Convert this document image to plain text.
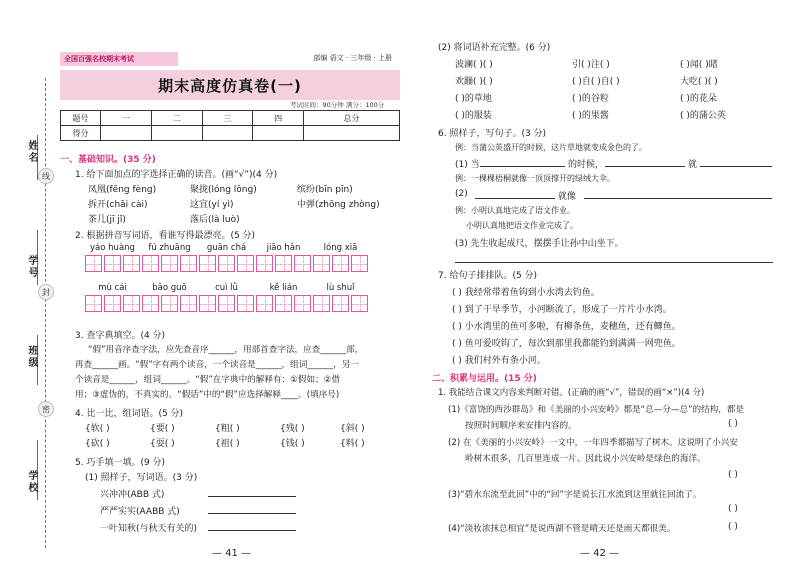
姓名
线
学号
封
班级
密
学校
全国百强名校期末考试	部编 语文 · 三年级 · 上册
期末高度仿真卷(一)
考试时间：90分钟 满分：100分
题号	一	二	三	四	总分
得分					
一、基础知识。(35 分)
1. 给下面加点的字选择正确的读音。(画“√”)(4 分)
凤凰(fēng fèng)	聚拢(lóng lǒng)	缤纷(bīn pīn)
拆开(chāi cài)	这宜(yí yì)	中弹(zhōng zhòng)
茶几(jī jǐ)	落后(là luò)
2. 根据拼音写词语，看谁写得最漂亮。(5 分)
yáo huàng	fú zhuāng	guān chá	jiāo hǎn	lóng xiā
mù cái	bāo guǒ	cuì lǜ	kě lián	lù shuǐ
3. 查字典填空。(4 分)
“假”用音序查字法，应先查音序______，用部首查字法，应查______部，
再查______画。“假”字有两个读音，一个读音是______，组词______，另一
个读音是______，组词______。“假”在字典中的解释有：①假如；②借
用；③虚伪的，不真实的。“假话”中的“假”应选择解释____。(填序号)
4. 比一比，组词语。(5 分)
{软( )	{要( )	{粗( )	{残( )	{斜( )
{砍( )	{耍( )	{祖( )	{钱( )	{料( )
5. 巧手填一填。(9 分)
(1) 照样子，写词语。(3 分)
兴冲冲(ABB 式)
严严实实(AABB 式)
一叶知秋(与秋天有关的)
— 41 —
(2) 将词语补充完整。(6 分)
波澜( )( )	引( )注( )	( )闻( )睹
欢蹦( )( )	( )自( )自( )	大吃( )( )
( )的草地	( )的谷粒	( )的花朵
( )的服装	( )的果酱	( )的蒲公英
6. 照样子，写句子。(3 分)
例：当蒲公英盛开的时候，这片草地就变成金色的了。
(1) 当	的时候，	就
例：一棵棵梧桐就像一顶顶撑开的绿绒大伞。
(2)	就像
例：小明认真地完成了语文作业。
小明认真地把语文作业完成了。
(3) 先生收起成尺，摆摆手让孙中山坐下。
7. 给句子排排队。(5 分)
( ) 我经常带着鱼钩到小水湾去钓鱼。
( ) 到了干旱季节，小河断流了，形成了一片片小水湾。
( ) 小水湾里的鱼可多啦，有柳条鱼，麦穗鱼，还有鲫鱼。
( ) 鱼可爱咬钩了，每次到那里我都能钓到满满一网兜鱼。
( ) 我们村外有条小河。
二、积累与运用。(15 分)
1. 我能结合课文内容来判断对错。(正确的画“√”，错误的画“×”)(4 分)
(1)《富饶的西沙群岛》和《美丽的小兴安岭》都是“总—分—总”的结构，都是
按照时间顺序来安排内容的。	( )
(2) 在《美丽的小兴安岭》一文中，一年四季都描写了树木。这说明了小兴安
岭树木很多，几百里连成一片。因此说小兴安岭是绿色的海洋。
( )
(3)“碧水东流至此回”中的“回”字是说长江水流到这里就往回流了。
( )
(4)“淡妆浓抹总相宜”是说西湖不管是晴天还是雨天都很美。	( )
— 42 —
